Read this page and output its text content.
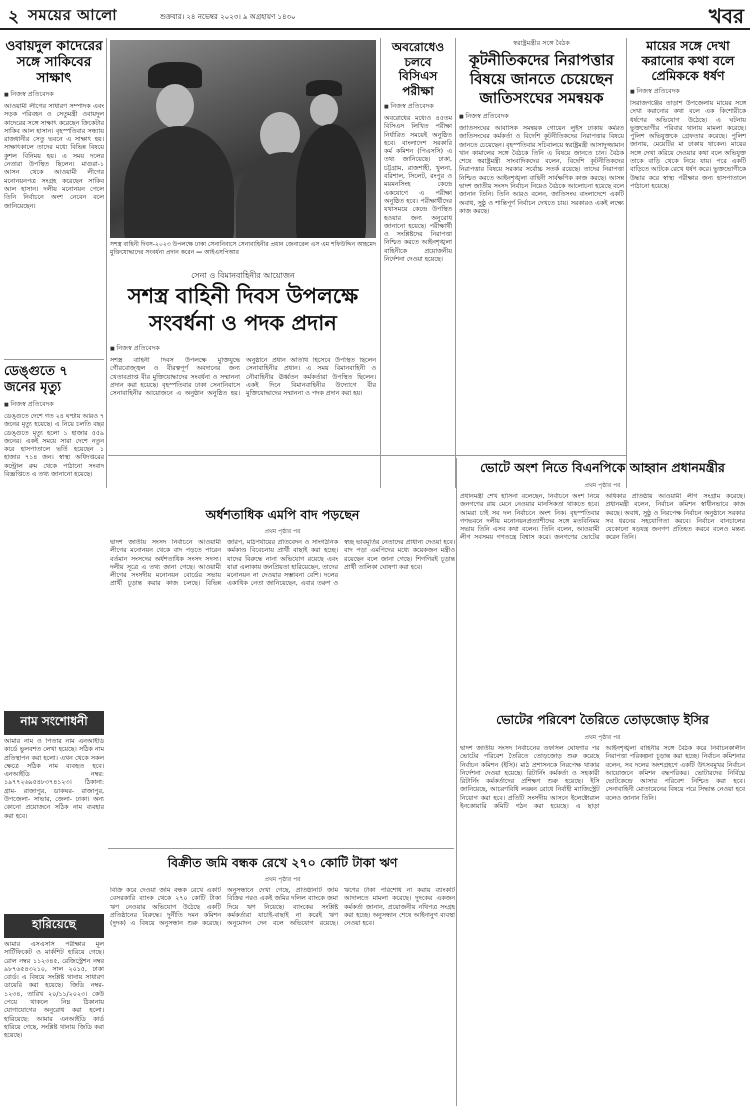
২ সময়ের আলো	শুক্রবার। ২৪ নভেম্বর ২০২৩। ৯ অগ্রহায়ণ ১৪৩০	খবর
ওবায়দুল কাদেরের সঙ্গে সাকিবের সাক্ষাৎ
■ নিজস্ব প্রতিবেদক
আওয়ামী লীগের সাধারণ সম্পাদক এবং সড়ক পরিবহন ও সেতুমন্ত্রী ওবায়দুল কাদেরের সঙ্গে সাক্ষাৎ করেছেন ক্রিকেটার সাকিব আল হাসান। বৃহস্পতিবার সন্ধ্যায় রাজধানীর সেতু ভবনে এ সাক্ষাৎ হয়। সাক্ষাৎকালে তাদের মধ্যে বিভিন্ন বিষয়ে কুশল বিনিময় হয়। এ সময় দলের নেতারা উপস্থিত ছিলেন। মাগুরা-১ আসন থেকে আওয়ামী লীগের মনোনয়নপত্র সংগ্রহ করেছেন সাকিব আল হাসান। দলীয় মনোনয়ন পেলে তিনি নির্বাচনে অংশ নেবেন বলে জানিয়েছেন।
ডেঙ্গুতে ৭ জনের মৃত্যু
■ নিজস্ব প্রতিবেদক
ডেঙ্গুতে দেশে গত ২৪ ঘণ্টায় আরও ৭ জনের মৃত্যু হয়েছে। এ নিয়ে চলতি বছর ডেঙ্গুতে মৃত্যু হলো ১ হাজার ৫৫৯ জনের। একই সময়ে সারা দেশে নতুন করে হাসপাতালে ভর্তি হয়েছেন ১ হাজার ৭১৪ জন। স্বাস্থ্য অধিদপ্তরের কন্ট্রোল রুম থেকে পাঠানো সংবাদ বিজ্ঞপ্তিতে এ তথ্য জানানো হয়েছে।
নাম সংশোধনী
আমার নাম ও পিতার নাম এনআইডি কার্ডে ভুলবশত লেখা হয়েছে। সঠিক নাম প্রতিস্থাপন করা হলো। এখন থেকে সকল ক্ষেত্রে সঠিক নাম ব্যবহৃত হবে। এনআইডি নম্বর: ১৯৭৭২৬৯৫৪৮৩৭৪১২৩। ঠিকানা: গ্রাম- রাজাপুর, ডাকঘর- রাজাপুর, উপজেলা- সাভার, জেলা- ঢাকা। অন্য কোনো প্রয়োজনে সঠিক নাম ব্যবহার করা হবে।
হারিয়েছে
আমার এসএসসি পরীক্ষার মূল সার্টিফিকেট ও মার্কশিট হারিয়ে গেছে। রোল নম্বর ১১২৩৪৫, রেজিস্ট্রেশন নম্বর ৯৮৭৬৫৪৩২১০, সাল ২০১৫, ঢাকা বোর্ড। এ বিষয়ে সংশ্লিষ্ট থানায় সাধারণ ডায়েরি করা হয়েছে। জিডি নম্বর- ১২৩৪, তারিখ ২০/১১/২০২৩। কেউ পেয়ে থাকলে নিম্ন ঠিকানায় যোগাযোগের অনুরোধ করা হলো। হারিয়েছে: আমার এনআইডি কার্ড হারিয়ে গেছে, সংশ্লিষ্ট থানায় জিডি করা হয়েছে।
সশস্ত্র বাহিনী দিবস-২০২৩ উপলক্ষে ঢাকা সেনানিবাসে সেনাবাহিনীর প্রধান জেনারেল এস এম শফিউদ্দিন আহমেদ মুক্তিযোদ্ধাদের সংবর্ধনা প্রদান করেন — আইএসপিআর
সেনা ও বিমানবাহিনীর আয়োজন
সশস্ত্র বাহিনী দিবস উপলক্ষে সংবর্ধনা ও পদক প্রদান
■ নিজস্ব প্রতিবেদক
সশস্ত্র বাহিনী দিবস উপলক্ষে মুক্তিযুদ্ধে গৌরবোজ্জ্বল ও বীরত্বপূর্ণ অবদানের জন্য খেতাবপ্রাপ্ত বীর মুক্তিযোদ্ধাদের সংবর্ধনা ও সম্মাননা প্রদান করা হয়েছে। বৃহস্পতিবার ঢাকা সেনানিবাসে সেনাবাহিনীর আয়োজনে এ অনুষ্ঠান অনুষ্ঠিত হয়। অনুষ্ঠানে প্রধান অতিথি হিসেবে উপস্থিত ছিলেন সেনাবাহিনীর প্রধান। এ সময় বিমানবাহিনী ও নৌবাহিনীর ঊর্ধ্বতন কর্মকর্তারা উপস্থিত ছিলেন। একই দিনে বিমানবাহিনীর উদ্যোগে বীর মুক্তিযোদ্ধাদের সম্মাননা ও পদক প্রদান করা হয়।
অবরোধেও চলবে বিসিএস পরীক্ষা
■ নিজস্ব প্রতিবেদক
অবরোধের মধ্যেও ৪৫তম বিসিএস লিখিত পরীক্ষা নির্ধারিত সময়েই অনুষ্ঠিত হবে। বাংলাদেশ সরকারি কর্ম কমিশন (পিএসসি) এ তথ্য জানিয়েছে। ঢাকা, চট্টগ্রাম, রাজশাহী, খুলনা, বরিশাল, সিলেট, রংপুর ও ময়মনসিংহ কেন্দ্রে একযোগে এ পরীক্ষা অনুষ্ঠিত হবে। পরীক্ষার্থীদের যথাসময়ে কেন্দ্রে উপস্থিত হওয়ার জন্য অনুরোধ জানানো হয়েছে। পরীক্ষার্থী ও সংশ্লিষ্টদের নিরাপত্তা নিশ্চিত করতে আইনশৃঙ্খলা বাহিনীকে প্রয়োজনীয় নির্দেশনা দেওয়া হয়েছে।
স্বরাষ্ট্রমন্ত্রীর সঙ্গে বৈঠক
কূটনীতিকদের নিরাপত্তার বিষয়ে জানতে চেয়েছেন জাতিসংঘের সমন্বয়ক
■ নিজস্ব প্রতিবেদক
জাতিসংঘের আবাসিক সমন্বয়ক গোয়েন লুইস ঢাকায় কর্মরত জাতিসংঘের কর্মকর্তা ও বিদেশি কূটনীতিকদের নিরাপত্তার বিষয়ে জানতে চেয়েছেন। বৃহস্পতিবার সচিবালয়ে স্বরাষ্ট্রমন্ত্রী আসাদুজ্জামান খান কামালের সঙ্গে বৈঠকে তিনি এ বিষয়ে জানতে চান। বৈঠক শেষে স্বরাষ্ট্রমন্ত্রী সাংবাদিকদের বলেন, বিদেশি কূটনীতিকদের নিরাপত্তার বিষয়ে সরকার সর্বোচ্চ সতর্ক রয়েছে। তাদের নিরাপত্তা নিশ্চিত করতে আইনশৃঙ্খলা বাহিনী সার্বক্ষণিক কাজ করছে। আসন্ন দ্বাদশ জাতীয় সংসদ নির্বাচন নিয়েও বৈঠকে আলোচনা হয়েছে বলে জানান তিনি। তিনি আরও বলেন, জাতিসংঘ বাংলাদেশে একটি অবাধ, সুষ্ঠু ও শান্তিপূর্ণ নির্বাচন দেখতে চায়। সরকারও একই লক্ষ্যে কাজ করছে।
মায়ের সঙ্গে দেখা করানোর কথা বলে প্রেমিককে ধর্ষণ
■ নিজস্ব প্রতিবেদক
সিরাজগঞ্জের তাড়াশ উপজেলায় মায়ের সঙ্গে দেখা করানোর কথা বলে এক কিশোরীকে ধর্ষণের অভিযোগ উঠেছে। এ ঘটনায় ভুক্তভোগীর পরিবার থানায় মামলা করেছে। পুলিশ অভিযুক্তকে গ্রেফতার করেছে। পুলিশ জানায়, মেয়েটির মা ঢাকায় থাকেন। মায়ের সঙ্গে দেখা করিয়ে দেওয়ার কথা বলে অভিযুক্ত তাকে বাড়ি থেকে নিয়ে যায়। পরে একটি বাড়িতে আটকে রেখে ধর্ষণ করে। ভুক্তভোগীকে উদ্ধার করে স্বাস্থ্য পরীক্ষার জন্য হাসপাতালে পাঠানো হয়েছে।
ভোটে অংশ নিতে বিএনপিকে আহ্বান প্রধানমন্ত্রীর
প্রথম পৃষ্ঠার পর
প্রধানমন্ত্রী শেখ হাসিনা বলেছেন, নির্বাচনে অংশ নিয়ে জনগণের রায় মেনে নেওয়ার মানসিকতা থাকতে হবে। আমরা চাই সব দল নির্বাচনে অংশ নিক। বৃহস্পতিবার গণভবনে দলীয় মনোনয়নপ্রত্যাশীদের সঙ্গে মতবিনিময় সভায় তিনি এসব কথা বলেন। তিনি বলেন, আওয়ামী লীগ সবসময় গণতন্ত্রে বিশ্বাস করে। জনগণের ভোটের অধিকার প্রতিষ্ঠায় আওয়ামী লীগ সংগ্রাম করেছে। প্রধানমন্ত্রী বলেন, নির্বাচন কমিশন স্বাধীনভাবে কাজ করছে। অবাধ, সুষ্ঠু ও নিরপেক্ষ নির্বাচন অনুষ্ঠানে সরকার সব ধরনের সহযোগিতা করবে। নির্বাচন বানচালের যেকোনো ষড়যন্ত্র জনগণ প্রতিহত করবে বলেও মন্তব্য করেন তিনি।
অর্ধশতাধিক এমপি বাদ পড়ছেন
প্রথম পৃষ্ঠার পর
দ্বাদশ জাতীয় সংসদ নির্বাচনে আওয়ামী লীগের মনোনয়ন থেকে বাদ পড়তে পারেন বর্তমান সংসদের অর্ধশতাধিক সংসদ সদস্য। দলীয় সূত্রে এ তথ্য জানা গেছে। আওয়ামী লীগের সংসদীয় মনোনয়ন বোর্ডের সভায় প্রার্থী চূড়ান্ত করার কাজ চলছে। বিভিন্ন জরিপ, মাঠপর্যায়ের প্রতিবেদন ও সাংগঠনিক কর্মকাণ্ড বিবেচনায় প্রার্থী বাছাই করা হচ্ছে। যাদের বিরুদ্ধে নানা অভিযোগ রয়েছে এবং যারা এলাকায় জনপ্রিয়তা হারিয়েছেন, তাদের মনোনয়ন না দেওয়ার সম্ভাবনা বেশি। দলের একাধিক নেতা জানিয়েছেন, এবার তরুণ ও স্বচ্ছ ভাবমূর্তির নেতাদের প্রাধান্য দেওয়া হবে। বাদ পড়া এমপিদের মধ্যে কয়েকজন মন্ত্রীও রয়েছেন বলে জানা গেছে। শিগগিরই চূড়ান্ত প্রার্থী তালিকা ঘোষণা করা হবে।
ভোটের পরিবেশ তৈরিতে তোড়জোড় ইসির
প্রথম পৃষ্ঠার পর
দ্বাদশ জাতীয় সংসদ নির্বাচনের তফসিল ঘোষণার পর ভোটের পরিবেশ তৈরিতে তোড়জোড় শুরু করেছে নির্বাচন কমিশন (ইসি)। মাঠ প্রশাসনকে নিরপেক্ষ থাকার নির্দেশনা দেওয়া হয়েছে। রিটার্নিং কর্মকর্তা ও সহকারী রিটার্নিং কর্মকর্তাদের প্রশিক্ষণ শুরু হয়েছে। ইসি জানিয়েছে, আচরণবিধি লঙ্ঘন রোধে নির্বাহী ম্যাজিস্ট্রেট নিয়োগ করা হবে। প্রতিটি সংসদীয় আসনে ইলেক্টোরাল ইনকোয়ারি কমিটি গঠন করা হয়েছে। এ ছাড়া আইনশৃঙ্খলা বাহিনীর সঙ্গে বৈঠক করে নির্বাচনকালীন নিরাপত্তা পরিকল্পনা চূড়ান্ত করা হচ্ছে। নির্বাচন কমিশনার বলেন, সব দলের অংশগ্রহণে একটি উৎসবমুখর নির্বাচন আয়োজনে কমিশন বদ্ধপরিকর। ভোটারদের নির্বিঘ্নে ভোটকেন্দ্রে আসার পরিবেশ নিশ্চিত করা হবে। সেনাবাহিনী মোতায়েনের বিষয়ে পরে সিদ্ধান্ত নেওয়া হবে বলেও জানান তিনি।
বিক্রীত জমি বন্ধক রেখে ২৭০ কোটি টাকা ঋণ
প্রথম পৃষ্ঠার পর
বিক্রি করে দেওয়া জমি বন্ধক রেখে একটি বেসরকারি ব্যাংক থেকে ২৭০ কোটি টাকা ঋণ নেওয়ার অভিযোগ উঠেছে একটি প্রতিষ্ঠানের বিরুদ্ধে। দুর্নীতি দমন কমিশন (দুদক) এ বিষয়ে অনুসন্ধান শুরু করেছে। অনুসন্ধানে দেখা গেছে, প্রতিষ্ঠানটি জমি বিক্রির পরও একই জমির দলিল ব্যাংকে জমা দিয়ে ঋণ নিয়েছে। ব্যাংকের সংশ্লিষ্ট কর্মকর্তারা যাচাই-বাছাই না করেই ঋণ অনুমোদন দেন বলে অভিযোগ রয়েছে। ঋণের টাকা পরিশোধ না করায় ব্যাংকটি আদালতে মামলা করেছে। দুদকের একজন কর্মকর্তা জানান, প্রয়োজনীয় নথিপত্র সংগ্রহ করা হচ্ছে। অনুসন্ধান শেষে আইনানুগ ব্যবস্থা নেওয়া হবে।
